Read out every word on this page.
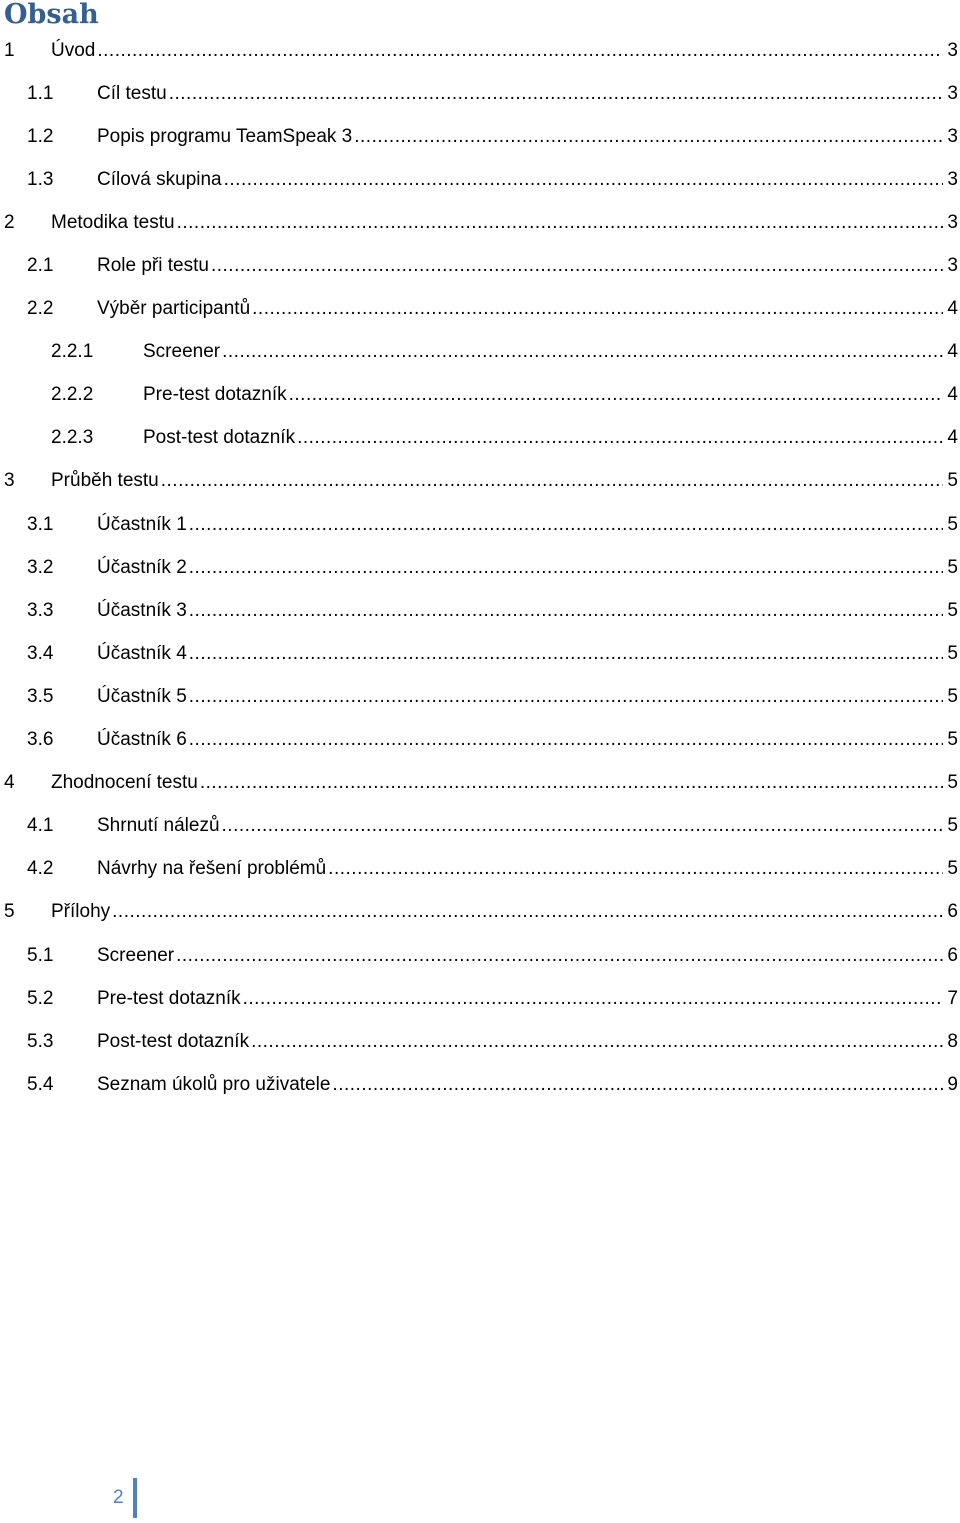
Obsah
1 Úvod .....	3
1.1 Cíl testu .....	3
1.2 Popis programu TeamSpeak 3 .....	3
1.3 Cílová skupina .....	3
2 Metodika testu .....	3
2.1 Role při testu .....	3
2.2 Výběr participantů .....	4
2.2.1	Screener .....	4
2.2.2	Pre-test dotazník .....	4
2.2.3	Post-test dotazník .....	4
3 Průběh testu .....	5
3.1 Účastník 1 .....	5
3.2 Účastník 2 .....	5
3.3 Účastník 3 .....	5
3.4 Účastník 4 .....	5
3.5 Účastník 5 .....	5
3.6 Účastník 6 .....	5
4 Zhodnocení testu .....	5
4.1 Shrnutí nálezů .....	5
4.2 Návrhy na řešení problémů .....	5
5 Přílohy .....	6
5.1 Screener .....	6
5.2 Pre-test dotazník .....	7
5.3 Post-test dotazník .....	8
5.4 Seznam úkolů pro uživatele .....	9
2
